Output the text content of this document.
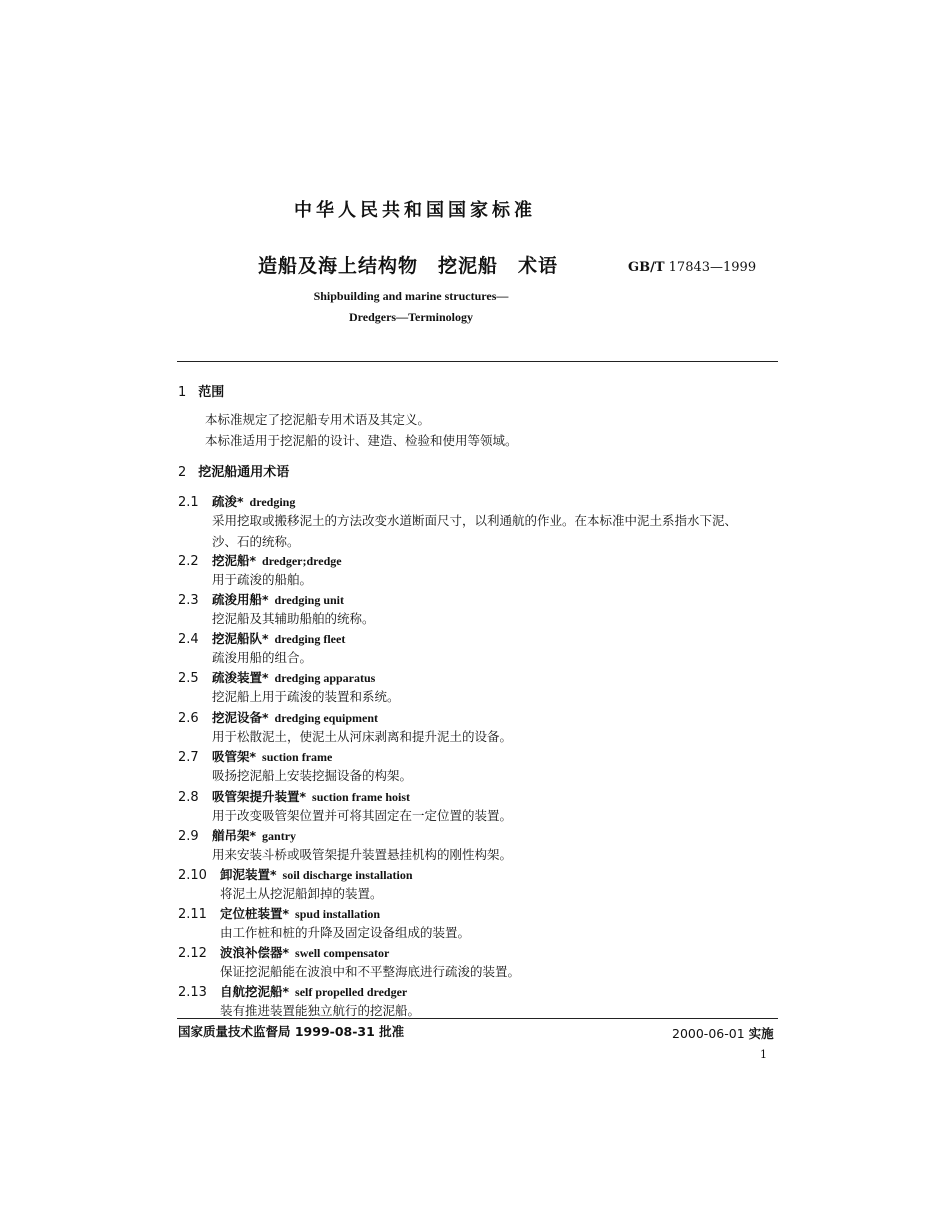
中华人民共和国国家标准
造船及海上结构物　挖泥船　术语	GB/T 17843—1999
Shipbuilding and marine structures—
Dredgers—Terminology
1 范围
本标准规定了挖泥船专用术语及其定义。
本标准适用于挖泥船的设计、建造、检验和使用等领域。
2 挖泥船通用术语
2.1 疏浚* dredging
采用挖取或搬移泥土的方法改变水道断面尺寸，以利通航的作业。在本标准中泥土系指水下泥、
沙、石的统称。
2.2 挖泥船* dredger;dredge
用于疏浚的船舶。
2.3 疏浚用船* dredging unit
挖泥船及其辅助船舶的统称。
2.4 挖泥船队* dredging fleet
疏浚用船的组合。
2.5 疏浚装置* dredging apparatus
挖泥船上用于疏浚的装置和系统。
2.6 挖泥设备* dredging equipment
用于松散泥土，使泥土从河床剥离和提升泥土的设备。
2.7 吸管架* suction frame
吸扬挖泥船上安装挖掘设备的构架。
2.8 吸管架提升装置* suction frame hoist
用于改变吸管架位置并可将其固定在一定位置的装置。
2.9 艏吊架* gantry
用来安装斗桥或吸管架提升装置悬挂机构的刚性构架。
2.10 卸泥装置* soil discharge installation
将泥土从挖泥船卸掉的装置。
2.11 定位桩装置* spud installation
由工作桩和桩的升降及固定设备组成的装置。
2.12 波浪补偿器* swell compensator
保证挖泥船能在波浪中和不平整海底进行疏浚的装置。
2.13 自航挖泥船* self propelled dredger
装有推进装置能独立航行的挖泥船。
国家质量技术监督局 1999-08-31 批准	2000-06-01 实施
1
